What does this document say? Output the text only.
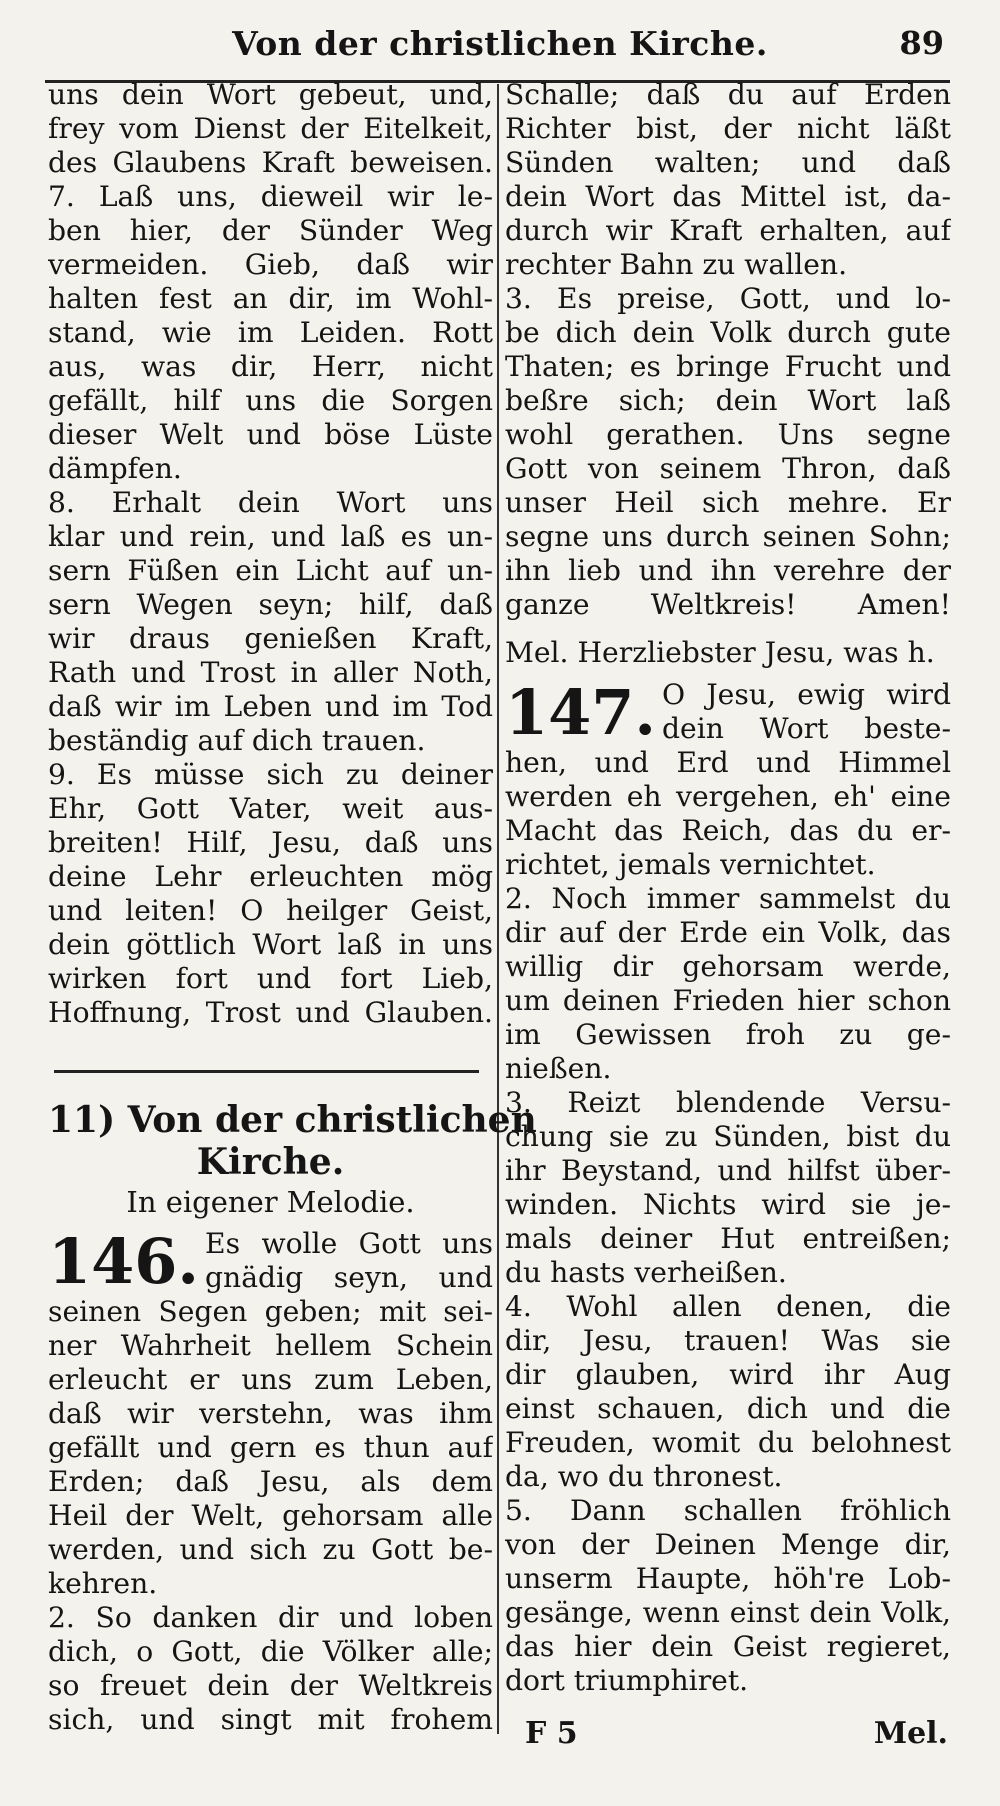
Von der christlichen Kirche.	89
uns dein Wort gebeut, und,
frey vom Dienst der Eitelkeit,
des Glaubens Kraft beweisen.
7. Laß uns, dieweil wir le-
ben hier, der Sünder Weg
vermeiden. Gieb, daß wir
halten fest an dir, im Wohl-
stand, wie im Leiden. Rott
aus, was dir, Herr, nicht
gefällt, hilf uns die Sorgen
dieser Welt und böse Lüste
dämpfen.
8. Erhalt dein Wort uns
klar und rein, und laß es un-
sern Füßen ein Licht auf un-
sern Wegen seyn; hilf, daß
wir draus genießen Kraft,
Rath und Trost in aller Noth,
daß wir im Leben und im Tod
beständig auf dich trauen.
9. Es müsse sich zu deiner
Ehr, Gott Vater, weit aus-
breiten! Hilf, Jesu, daß uns
deine Lehr erleuchten mög
und leiten! O heilger Geist,
dein göttlich Wort laß in uns
wirken fort und fort Lieb,
Hoffnung, Trost und Glauben.
11) Von der christlichen
Kirche.
In eigener Melodie.
146. Es wolle Gott uns
gnädig seyn, und
seinen Segen geben; mit sei-
ner Wahrheit hellem Schein
erleucht er uns zum Leben,
daß wir verstehn, was ihm
gefällt und gern es thun auf
Erden; daß Jesu, als dem
Heil der Welt, gehorsam alle
werden, und sich zu Gott be-
kehren.
2. So danken dir und loben
dich, o Gott, die Völker alle;
so freuet dein der Weltkreis
sich, und singt mit frohem
Schalle; daß du auf Erden
Richter bist, der nicht läßt
Sünden walten; und daß
dein Wort das Mittel ist, da-
durch wir Kraft erhalten, auf
rechter Bahn zu wallen.
3. Es preise, Gott, und lo-
be dich dein Volk durch gute
Thaten; es bringe Frucht und
beßre sich; dein Wort laß
wohl gerathen. Uns segne
Gott von seinem Thron, daß
unser Heil sich mehre. Er
segne uns durch seinen Sohn;
ihn lieb und ihn verehre der
ganze Weltkreis! Amen!
Mel. Herzliebster Jesu, was h.
147. O Jesu, ewig wird
dein Wort beste-
hen, und Erd und Himmel
werden eh vergehen, eh' eine
Macht das Reich, das du er-
richtet, jemals vernichtet.
2. Noch immer sammelst du
dir auf der Erde ein Volk, das
willig dir gehorsam werde,
um deinen Frieden hier schon
im Gewissen froh zu ge-
nießen.
3. Reizt blendende Versu-
chung sie zu Sünden, bist du
ihr Beystand, und hilfst über-
winden. Nichts wird sie je-
mals deiner Hut entreißen;
du hasts verheißen.
4. Wohl allen denen, die
dir, Jesu, trauen! Was sie
dir glauben, wird ihr Aug
einst schauen, dich und die
Freuden, womit du belohnest
da, wo du thronest.
5. Dann schallen fröhlich
von der Deinen Menge dir,
unserm Haupte, höh're Lob-
gesänge, wenn einst dein Volk,
das hier dein Geist regieret,
dort triumphiret.
F 5	Mel.
